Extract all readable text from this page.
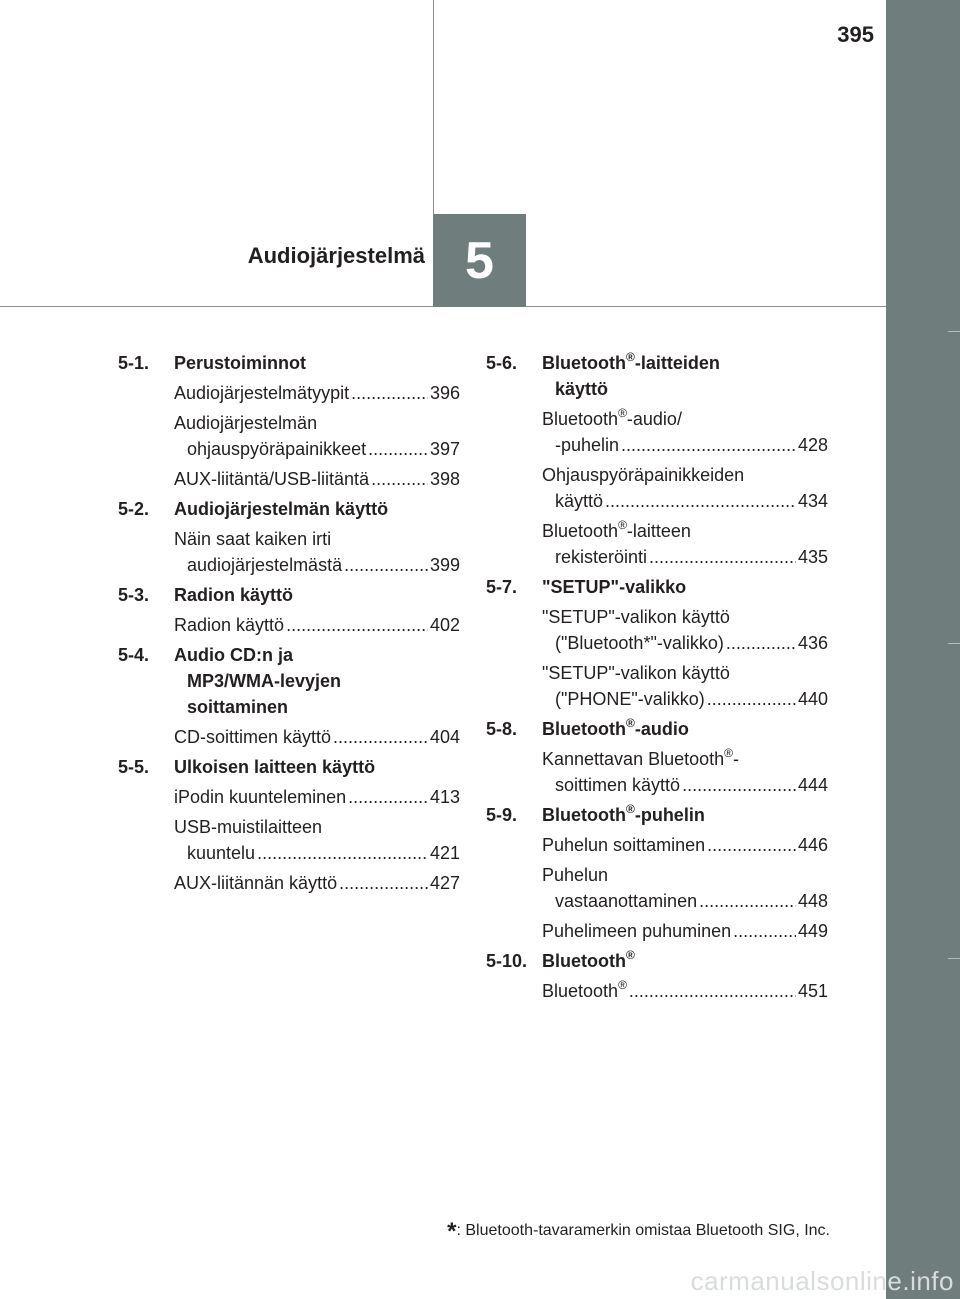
395
Audiojärjestelmä 5
5-1.	Perustoiminnot
Audiojärjestelmätyypit .....	396
Audiojärjestelmän
ohjauspyöräpainikkeet .....	397
AUX-liitäntä/USB-liitäntä .....	398
5-2.	Audiojärjestelmän käyttö
Näin saat kaiken irti
audiojärjestelmästä .....	399
5-3.	Radion käyttö
Radion käyttö .....	402
5-4.	Audio CD:n ja
MP3/WMA-levyjen
soittaminen
CD-soittimen käyttö .....	404
5-5.	Ulkoisen laitteen käyttö
iPodin kuunteleminen .....	413
USB-muistilaitteen
kuuntelu .....	421
AUX-liitännän käyttö .....	427
5-6.	Bluetooth®-laitteiden
käyttö
Bluetooth®-audio/
-puhelin .....	428
Ohjauspyöräpainikkeiden
käyttö .....	434
Bluetooth®-laitteen
rekisteröinti .....	435
5-7.	"SETUP"-valikko
"SETUP"-valikon käyttö
("Bluetooth*"-valikko) .....	436
"SETUP"-valikon käyttö
("PHONE"-valikko) .....	440
5-8.	Bluetooth®-audio
Kannettavan Bluetooth®-
soittimen käyttö .....	444
5-9.	Bluetooth®-puhelin
Puhelun soittaminen .....	446
Puhelun
vastaanottaminen .....	448
Puhelimeen puhuminen .....	449
5-10. Bluetooth®
Bluetooth® .....	451
*: Bluetooth-tavaramerkin omistaa Bluetooth SIG, Inc.
carmanualsonline.info
